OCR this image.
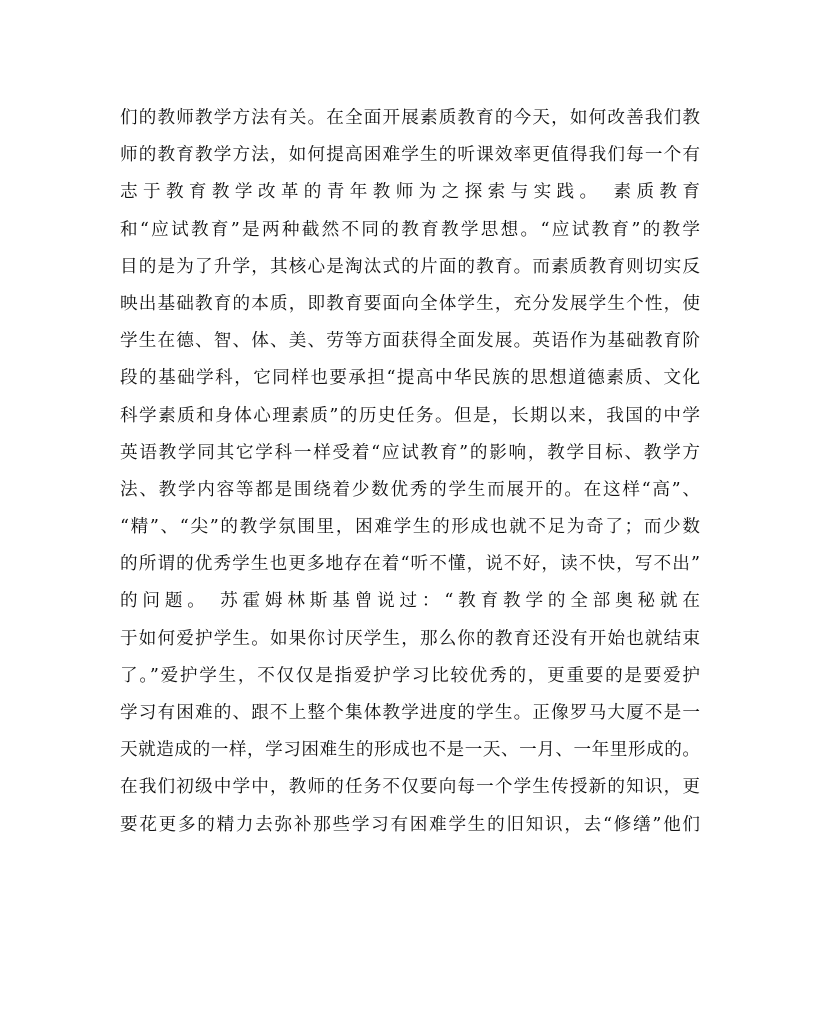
们的教师教学方法有关。在全面开展素质教育的今天，如何改善我们教
师的教育教学方法，如何提高困难学生的听课效率更值得我们每一个有
志于教育教学改革的青年教师为之探索与实践。 素质教育
和“应试教育”是两种截然不同的教育教学思想。“应试教育”的教学
目的是为了升学，其核心是淘汰式的片面的教育。而素质教育则切实反
映出基础教育的本质，即教育要面向全体学生，充分发展学生个性，使
学生在德、智、体、美、劳等方面获得全面发展。英语作为基础教育阶
段的基础学科，它同样也要承担“提高中华民族的思想道德素质、文化
科学素质和身体心理素质”的历史任务。但是，长期以来，我国的中学
英语教学同其它学科一样受着“应试教育”的影响，教学目标、教学方
法、教学内容等都是围绕着少数优秀的学生而展开的。在这样“高”、
“精”、“尖”的教学氛围里，困难学生的形成也就不足为奇了；而少数
的所谓的优秀学生也更多地存在着“听不懂，说不好，读不快，写不出”
的问题。 苏霍姆林斯基曾说过：“教育教学的全部奥秘就在
于如何爱护学生。如果你讨厌学生，那么你的教育还没有开始也就结束
了。”爱护学生，不仅仅是指爱护学习比较优秀的，更重要的是要爱护
学习有困难的、跟不上整个集体教学进度的学生。正像罗马大厦不是一
天就造成的一样，学习困难生的形成也不是一天、一月、一年里形成的。
在我们初级中学中，教师的任务不仅要向每一个学生传授新的知识，更
要花更多的精力去弥补那些学习有困难学生的旧知识，去“修缮”他们
